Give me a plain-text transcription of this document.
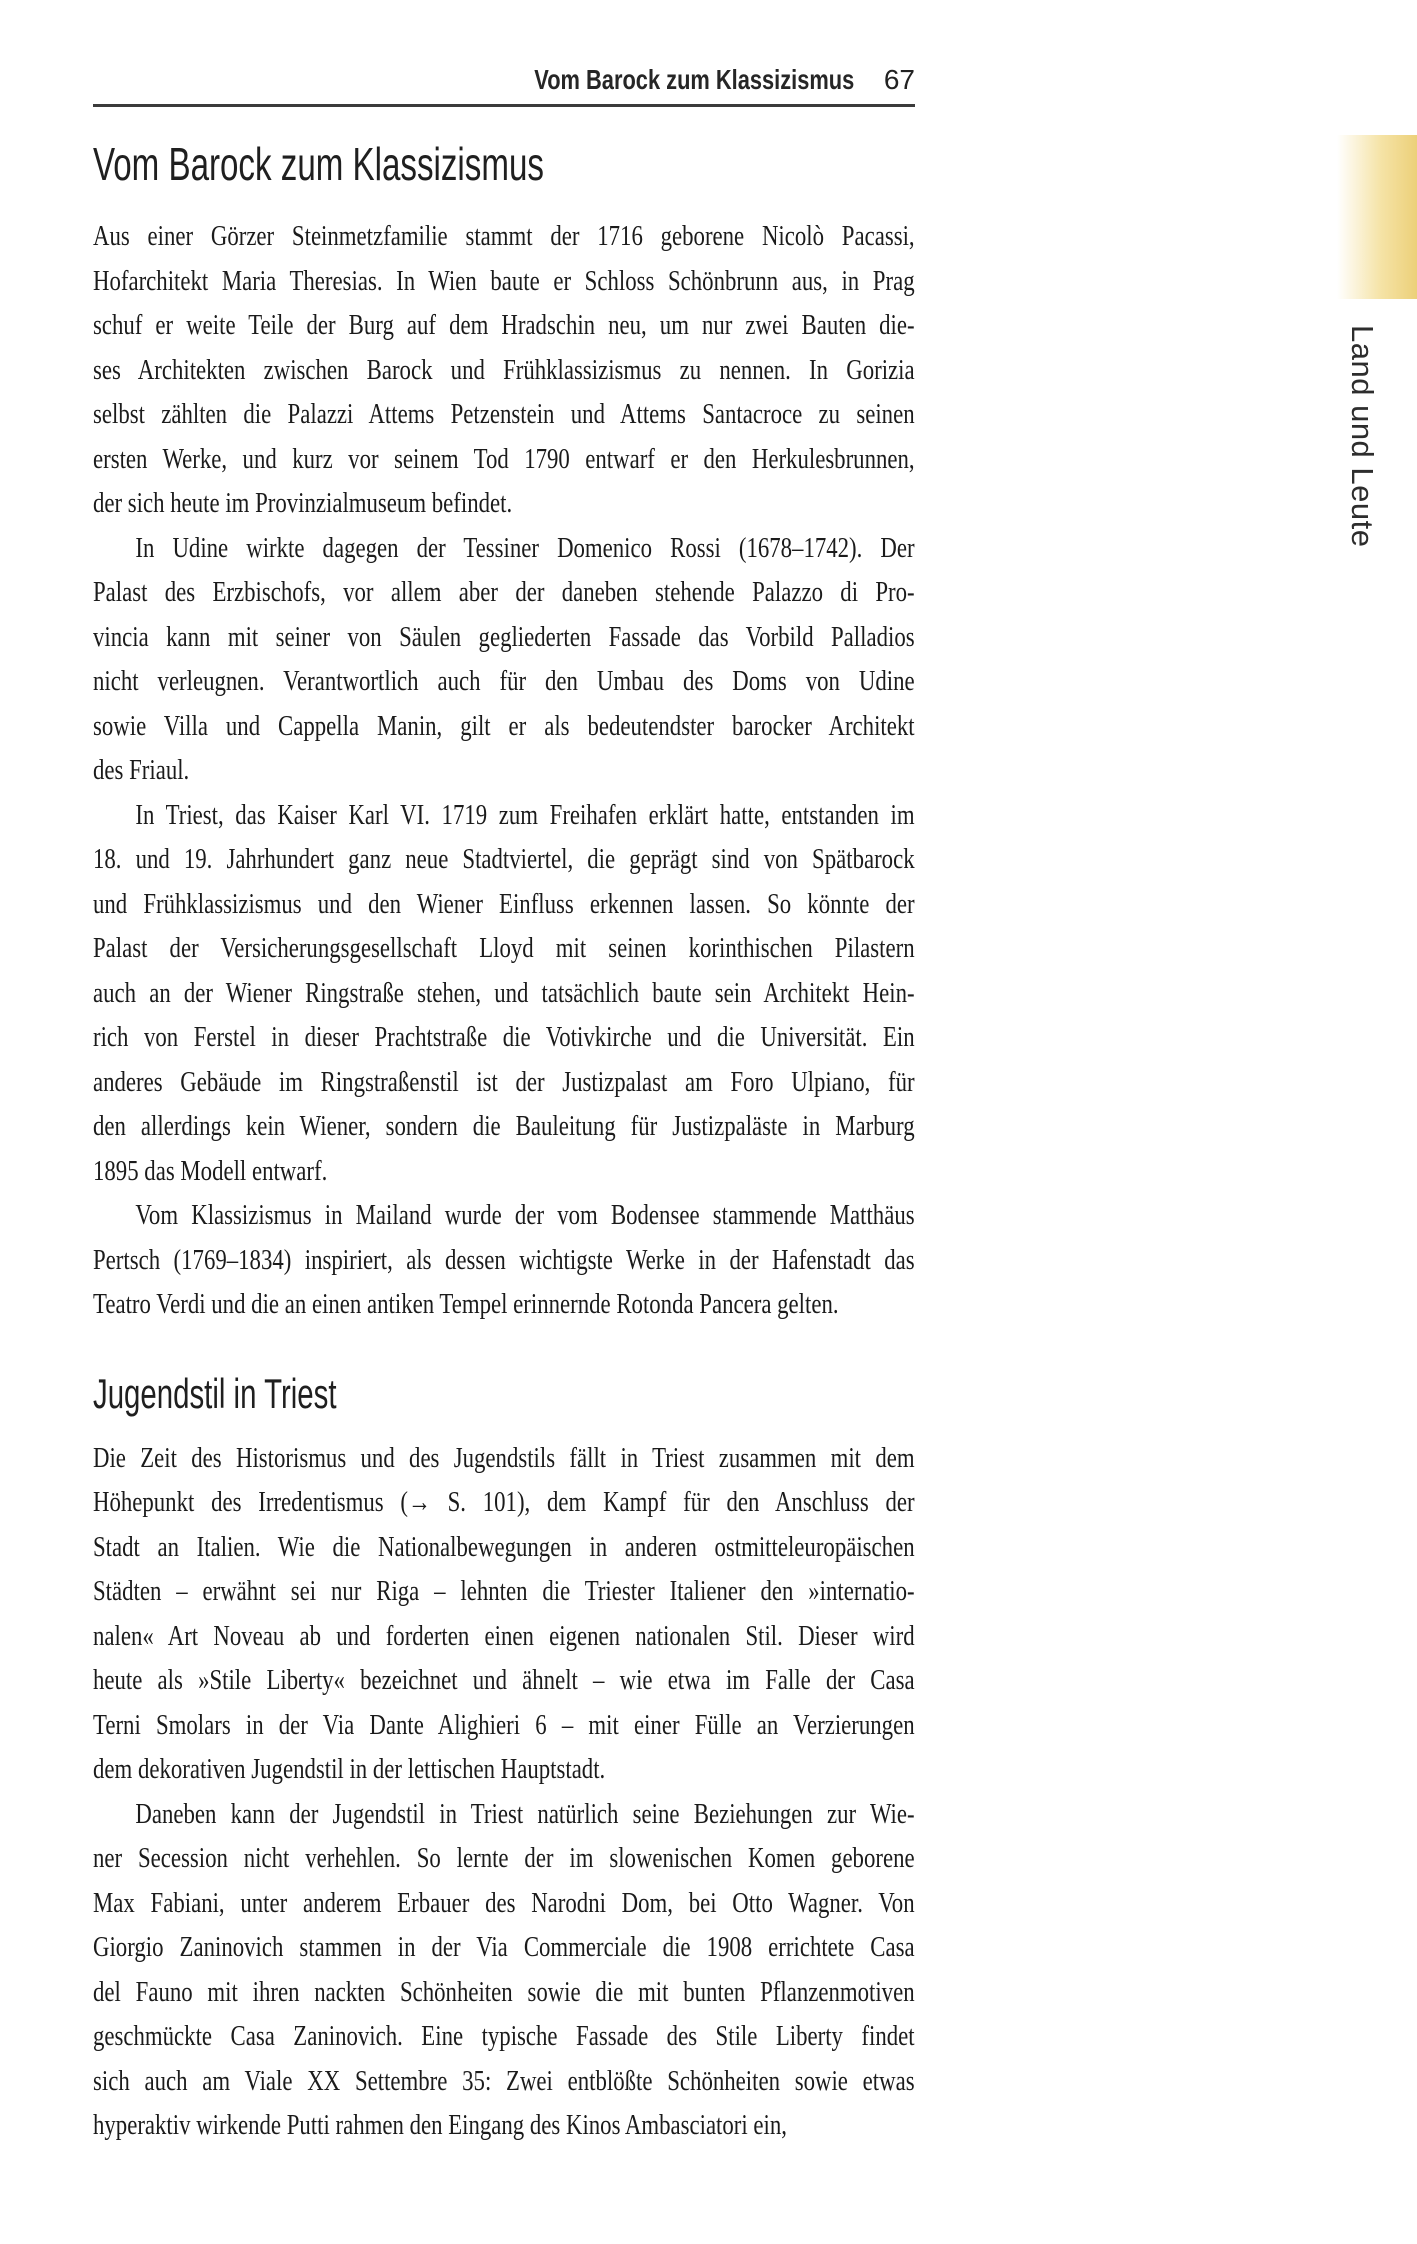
Vom Barock zum Klassizismus 67
Land und Leute
Vom Barock zum Klassizismus
Aus einer Görzer Steinmetzfamilie stammt der 1716 geborene Nicolò Pacassi,
Hofarchitekt Maria Theresias. In Wien baute er Schloss Schönbrunn aus, in Prag
schuf er weite Teile der Burg auf dem Hradschin neu, um nur zwei Bauten die-
ses Architekten zwischen Barock und Frühklassizismus zu nennen. In Gorizia
selbst zählten die Palazzi Attems Petzenstein und Attems Santacroce zu seinen
ersten Werke, und kurz vor seinem Tod 1790 entwarf er den Herkulesbrunnen,
der sich heute im Provinzialmuseum befindet.
In Udine wirkte dagegen der Tessiner Domenico Rossi (1678–1742). Der
Palast des Erzbischofs, vor allem aber der daneben stehende Palazzo di Pro-
vincia kann mit seiner von Säulen gegliederten Fassade das Vorbild Palladios
nicht verleugnen. Verantwortlich auch für den Umbau des Doms von Udine
sowie Villa und Cappella Manin, gilt er als bedeutendster barocker Architekt
des Friaul.
In Triest, das Kaiser Karl VI. 1719 zum Freihafen erklärt hatte, entstanden im
18. und 19. Jahrhundert ganz neue Stadtviertel, die geprägt sind von Spätbarock
und Frühklassizismus und den Wiener Einfluss erkennen lassen. So könnte der
Palast der Versicherungsgesellschaft Lloyd mit seinen korinthischen Pilastern
auch an der Wiener Ringstraße stehen, und tatsächlich baute sein Architekt Hein-
rich von Ferstel in dieser Prachtstraße die Votivkirche und die Universität. Ein
anderes Gebäude im Ringstraßenstil ist der Justizpalast am Foro Ulpiano, für
den allerdings kein Wiener, sondern die Bauleitung für Justizpaläste in Marburg
1895 das Modell entwarf.
Vom Klassizismus in Mailand wurde der vom Bodensee stammende Matthäus
Pertsch (1769–1834) inspiriert, als dessen wichtigste Werke in der Hafenstadt das
Teatro Verdi und die an einen antiken Tempel erinnernde Rotonda Pancera gelten.
Jugendstil in Triest
Die Zeit des Historismus und des Jugendstils fällt in Triest zusammen mit dem
Höhepunkt des Irredentismus (→ S. 101), dem Kampf für den Anschluss der
Stadt an Italien. Wie die Nationalbewegungen in anderen ostmitteleuropäischen
Städten – erwähnt sei nur Riga – lehnten die Triester Italiener den »internatio-
nalen« Art Noveau ab und forderten einen eigenen nationalen Stil. Dieser wird
heute als »Stile Liberty« bezeichnet und ähnelt – wie etwa im Falle der Casa
Terni Smolars in der Via Dante Alighieri 6 – mit einer Fülle an Verzierungen
dem dekorativen Jugendstil in der lettischen Hauptstadt.
Daneben kann der Jugendstil in Triest natürlich seine Beziehungen zur Wie-
ner Secession nicht verhehlen. So lernte der im slowenischen Komen geborene
Max Fabiani, unter anderem Erbauer des Narodni Dom, bei Otto Wagner. Von
Giorgio Zaninovich stammen in der Via Commerciale die 1908 errichtete Casa
del Fauno mit ihren nackten Schönheiten sowie die mit bunten Pflanzenmotiven
geschmückte Casa Zaninovich. Eine typische Fassade des Stile Liberty findet
sich auch am Viale XX Settembre 35: Zwei entblößte Schönheiten sowie etwas
hyperaktiv wirkende Putti rahmen den Eingang des Kinos Ambasciatori ein,
